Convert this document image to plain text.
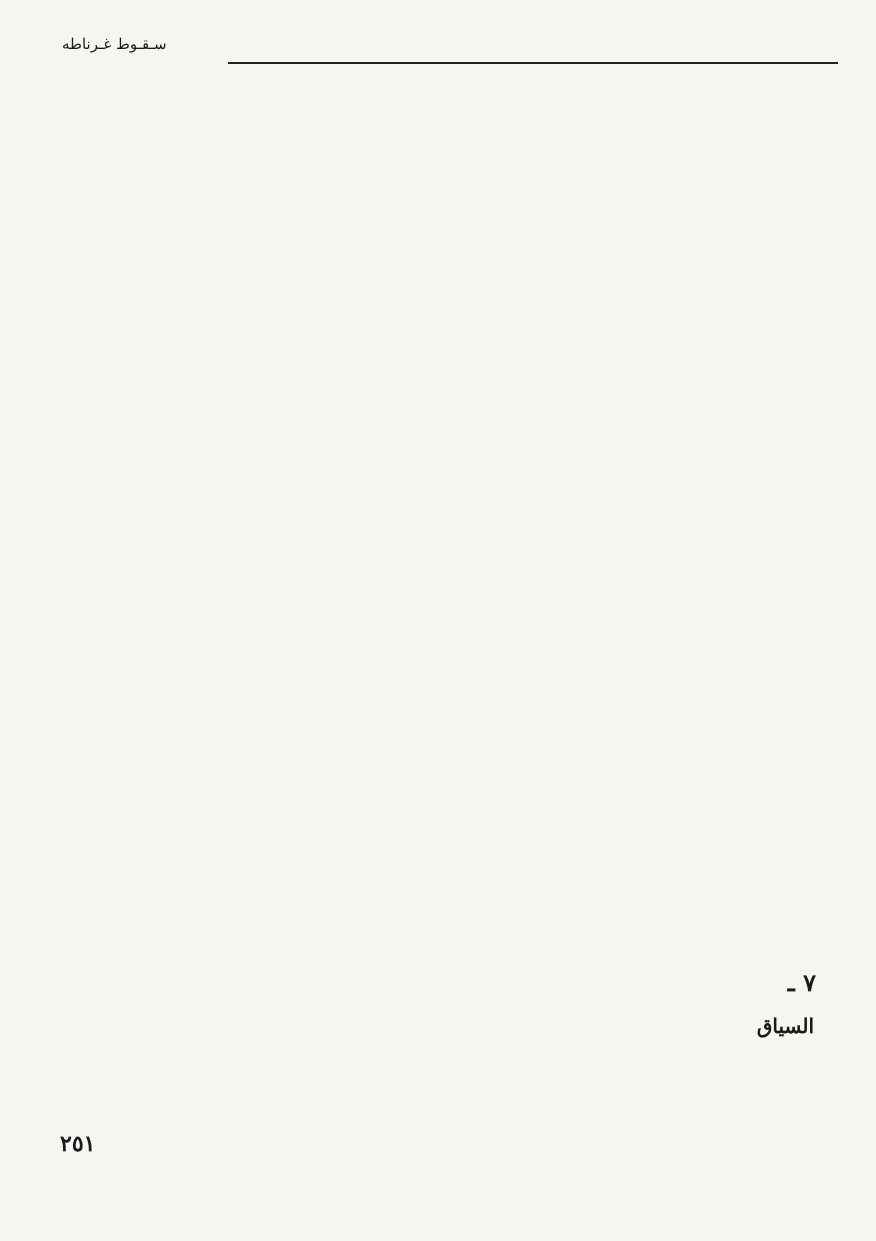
سـقـوط غـرناطه
٧ ـ
السياق
٢٥١
